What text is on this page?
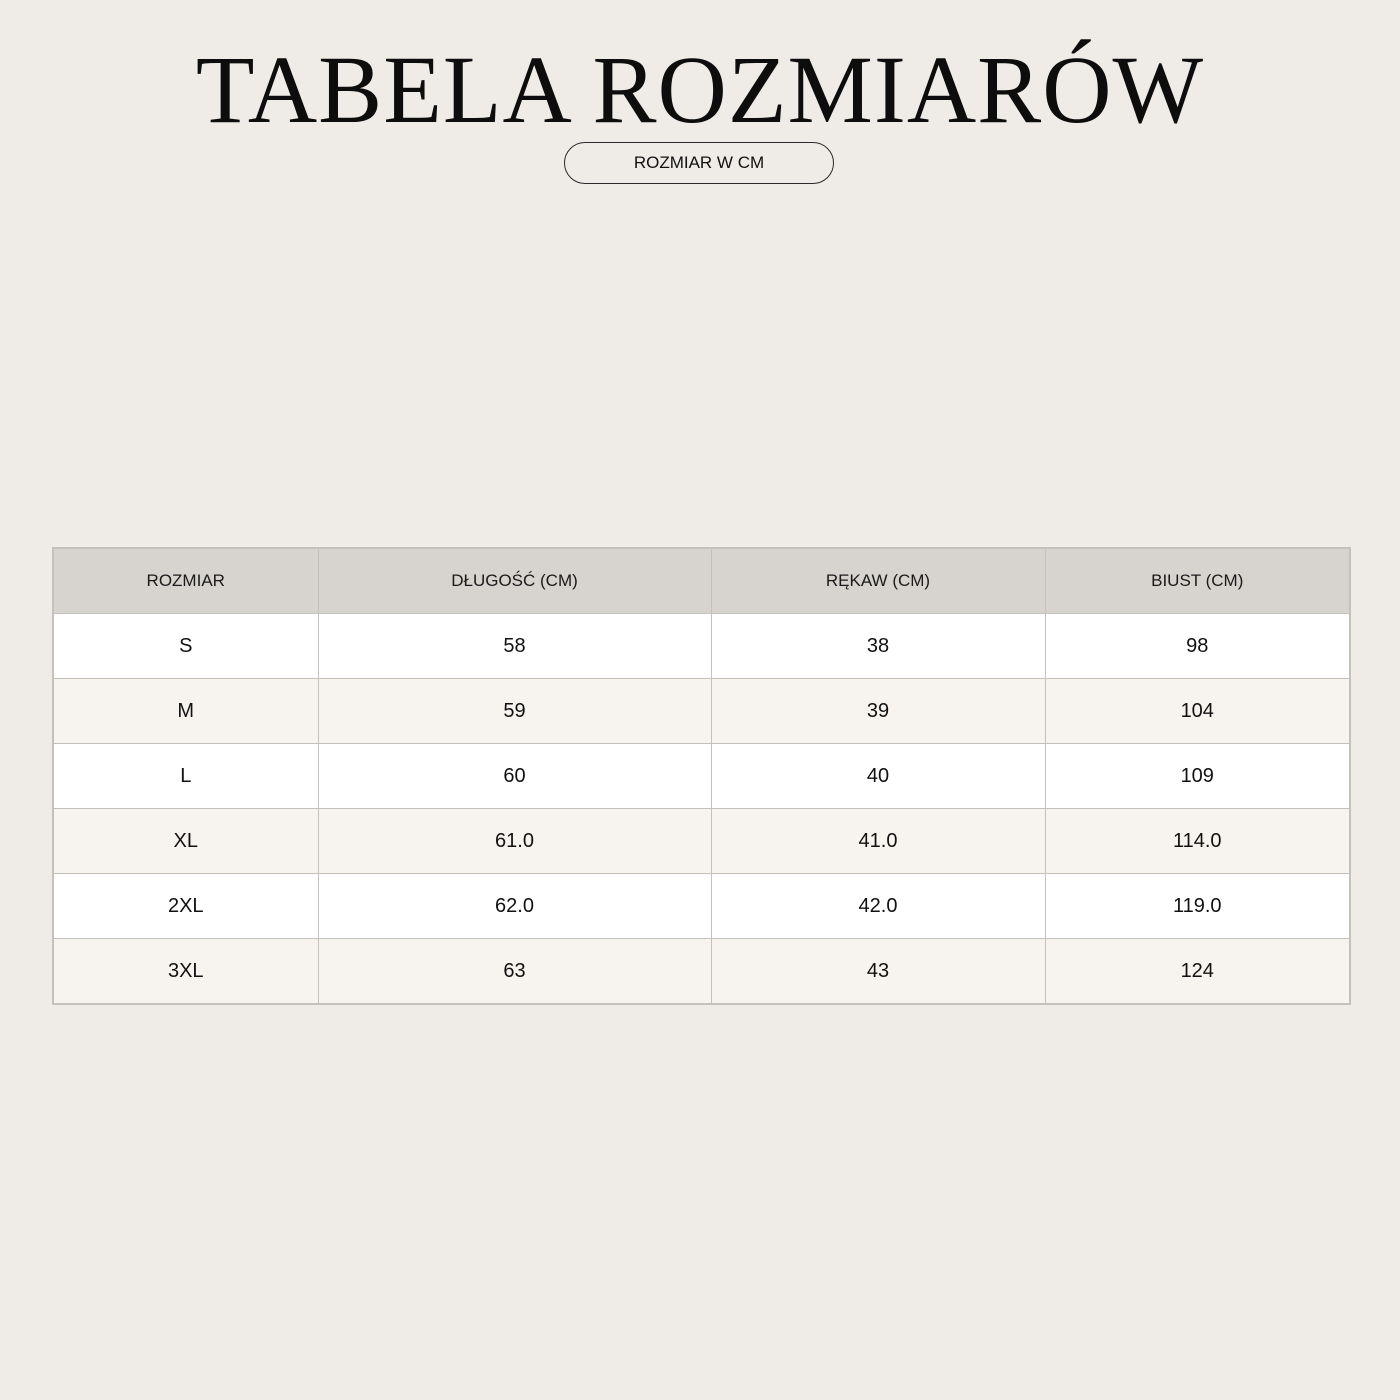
TABELA ROZMIARÓW
ROZMIAR W CM
ROZMIAR	DŁUGOŚĆ (CM)	RĘKAW (CM)	BIUST (CM)
S	58	38	98
M	59	39	104
L	60	40	109
XL	61.0	41.0	114.0
2XL	62.0	42.0	119.0
3XL	63	43	124
